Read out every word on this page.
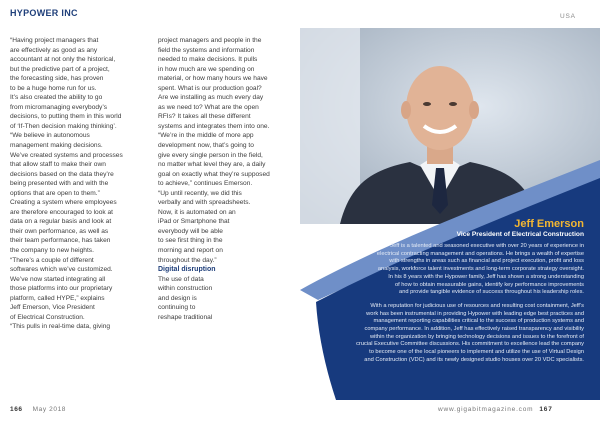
HYPOWER INC	USA

“Having project managers that

are effectively as good as any

accountant at not only the historical,

but the predictive part of a project,

the forecasting side, has proven

to be a huge home run for us.

It’s also created the ability to go

from micromanaging everybody’s

decisions, to putting them in this world

of ‘If-Then decision making thinking’.

“We believe in autonomous

management making decisions.

We’ve created systems and processes

that allow staff to make their own

decisions based on the data they’re

being presented with and with the

options that are open to them.”

Creating a system where employees

are therefore encouraged to look at

data on a regular basis and look at

their own performance, as well as

their team performance, has taken

the company to new heights.

“There’s a couple of different

softwares which we’ve customized.

We’ve now started integrating all

those platforms into our proprietary

platform, called HYPE,” explains

Jeff Emerson, Vice President

of Electrical Construction.

“This pulls in real-time data, giving

project managers and people in the

field the systems and information

needed to make decisions. It pulls

in how much are we spending on

material, or how many hours we have

spent. What is our production goal?

Are we installing as much every day

as we need to? What are the open

RFIs? It takes all these different

systems and integrates them into one.

“We’re in the middle of more app

development now, that’s going to

give every single person in the field,

no matter what level they are, a daily

goal on exactly what they’re supposed

to achieve,” continues Emerson.

“Up until recently, we did this

verbally and with spreadsheets.

Now, it is automated on an

iPad or Smartphone that

everybody will be able

to see first thing in the

morning and report on

throughout the day.”

Digital disruption

The use of data

within construction

and design is

continuing to

reshape traditional

Jeff Emerson
Vice President of Electrical Construction

Jeff is a talented and seasoned executive with over 20 years of experience in

electrical contracting management and operations. He brings a wealth of expertise

with strengths in areas such as financial and project execution, profit and loss

analysis, workforce talent investments and long-term corporate strategy oversight.

In his 8 years with the Hypower family, Jeff has shown a strong understanding

of how to obtain measurable gains, identify key performance improvements

and provide tangible evidence of success throughout his leadership roles.

With a reputation for judicious use of resources and resulting cost containment, Jeff’s

work has been instrumental in providing Hypower with leading edge best practices and

management reporting capabilities critical to the success of production systems and

company performance. In addition, Jeff has effectively raised transparency and visibility

within the organization by bringing technology decisions and issues to the forefront of

crucial Executive Committee discussions. His commitment to excellence lead the company

to become one of the local pioneers to implement and utilize the use of Virtual Design

and Construction (VDC) and its newly designed studio houses over 20 VDC specialists.

166 May 2018	www.gigabitmagazine.com 167
